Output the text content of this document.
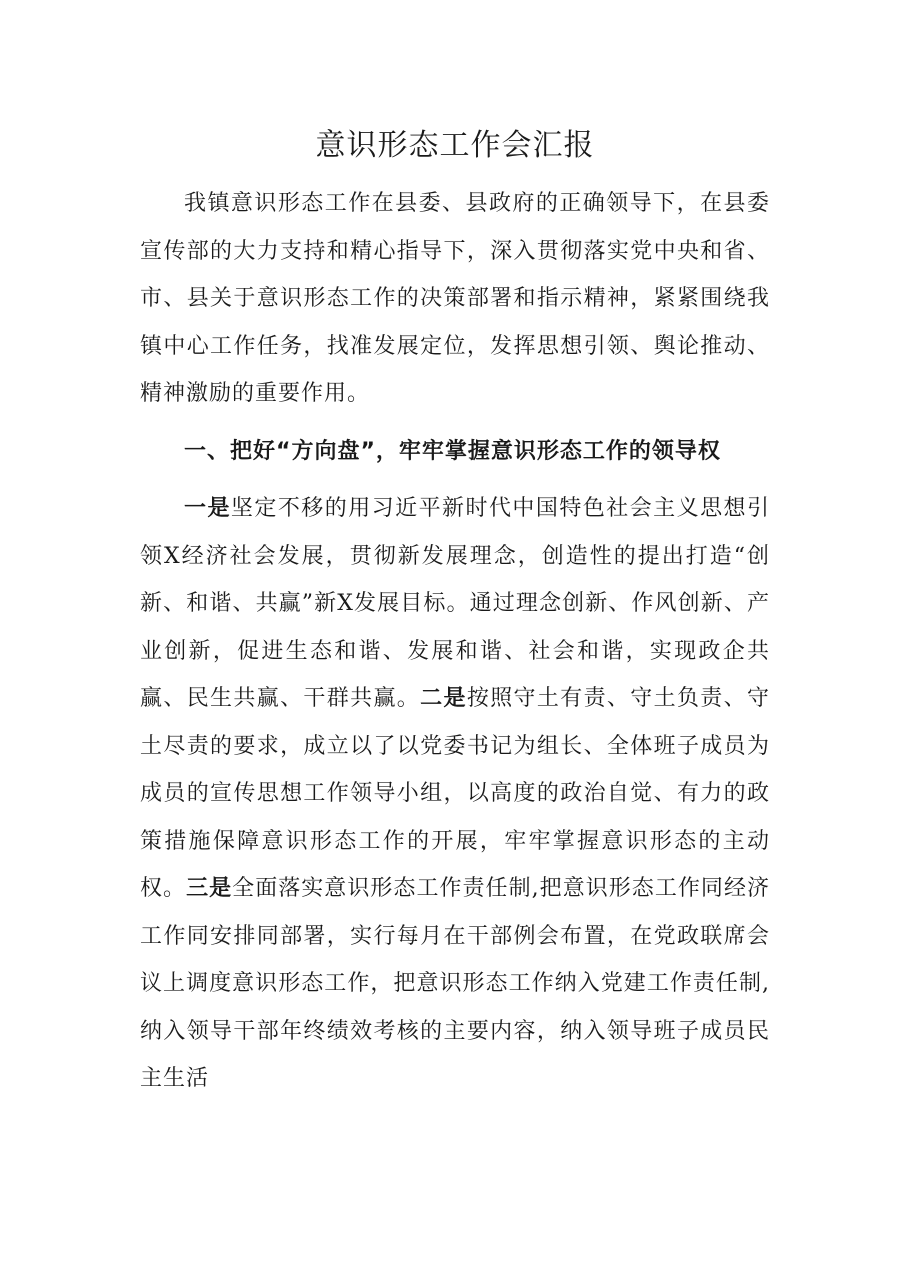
意识形态工作会汇报

我镇意识形态工作在县委、县政府的正确领导下，在县委宣传部的大力支持和精心指导下，深入贯彻落实党中央和省、市、县关于意识形态工作的决策部署和指示精神，紧紧围绕我镇中心工作任务，找准发展定位，发挥思想引领、舆论推动、精神激励的重要作用。

一、把好“方向盘”，牢牢掌握意识形态工作的领导权

一是坚定不移的用习近平新时代中国特色社会主义思想引领X经济社会发展，贯彻新发展理念，创造性的提出打造“创新、和谐、共赢”新X发展目标。通过理念创新、作风创新、产业创新，促进生态和谐、发展和谐、社会和谐，实现政企共赢、民生共赢、干群共赢。二是按照守土有责、守土负责、守土尽责的要求，成立以了以党委书记为组长、全体班子成员为成员的宣传思想工作领导小组，以高度的政治自觉、有力的政策措施保障意识形态工作的开展，牢牢掌握意识形态的主动权。三是全面落实意识形态工作责任制,把意识形态工作同经济工作同安排同部署，实行每月在干部例会布置，在党政联席会议上调度意识形态工作，把意识形态工作纳入党建工作责任制,纳入领导干部年终绩效考核的主要内容，纳入领导班子成员民主生活
